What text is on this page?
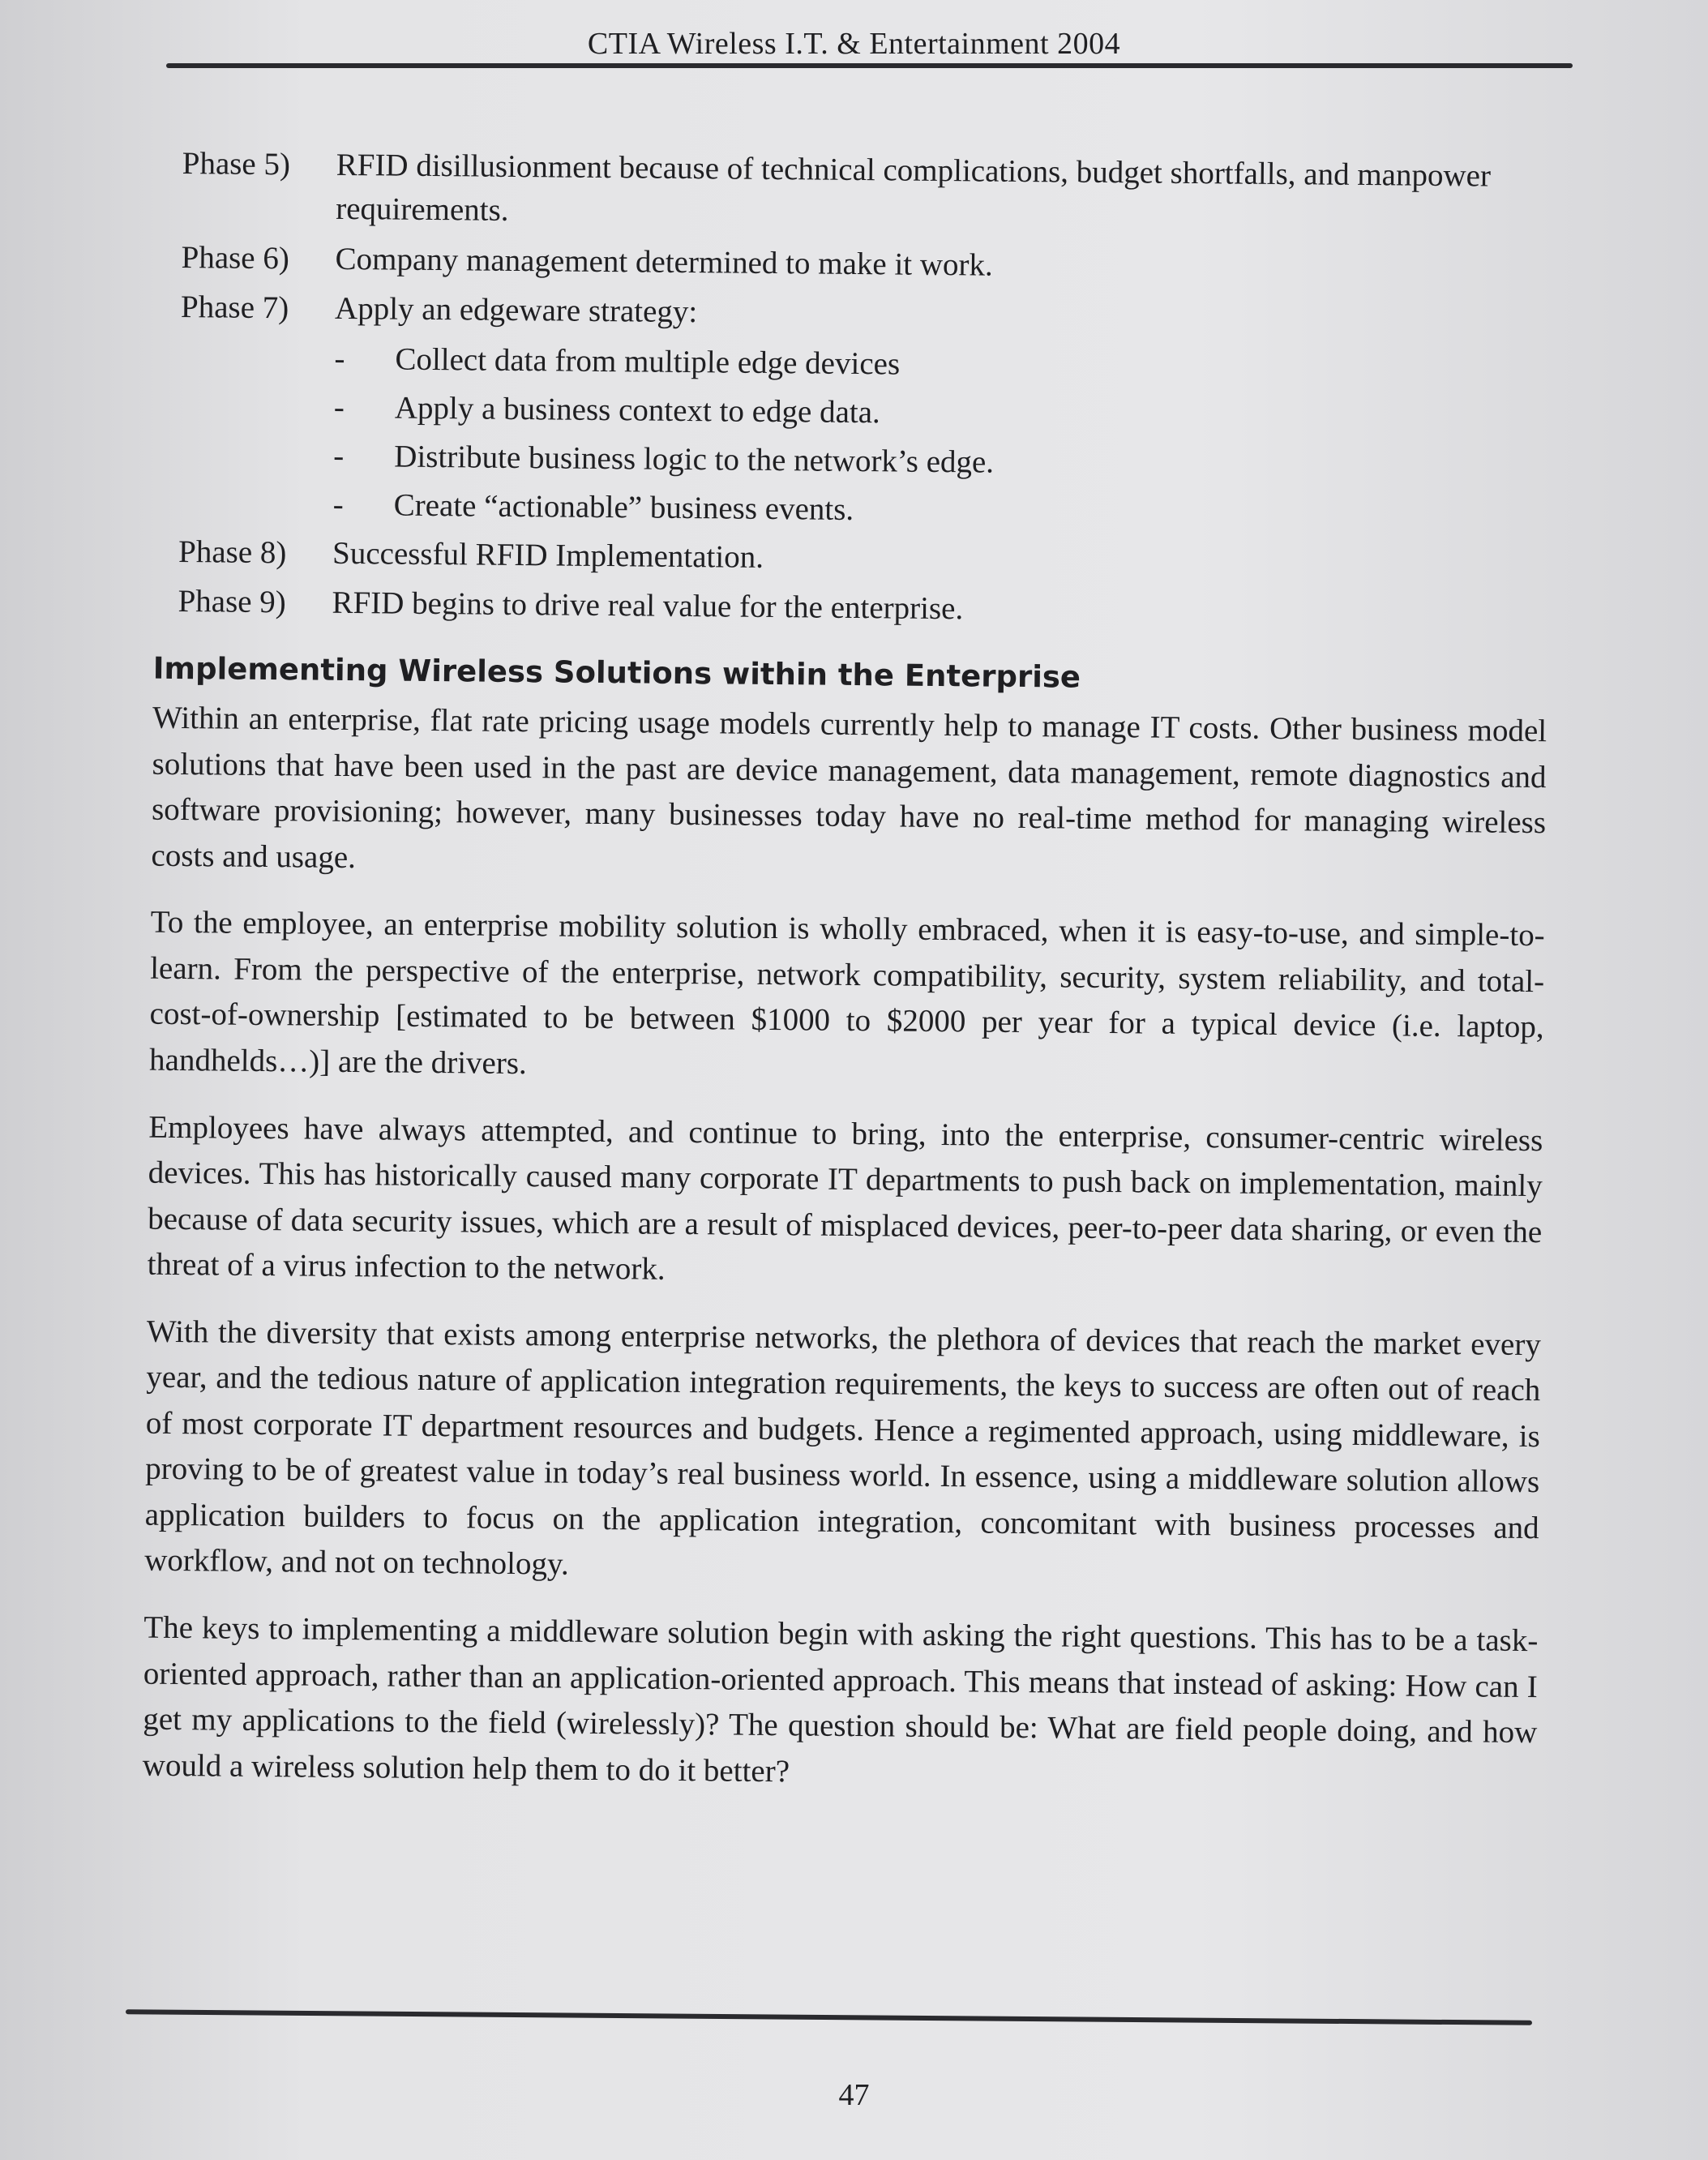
CTIA Wireless I.T. & Entertainment 2004
Phase 5)	RFID disillusionment because of technical complications, budget shortfalls, and manpower requirements.
Phase 6)	Company management determined to make it work.
Phase 7)	Apply an edgeware strategy:
-	Collect data from multiple edge devices
-	Apply a business context to edge data.
-	Distribute business logic to the network’s edge.
-	Create “actionable” business events.
Phase 8)	Successful RFID Implementation.
Phase 9)	RFID begins to drive real value for the enterprise.
Implementing Wireless Solutions within the Enterprise

Within an enterprise, flat rate pricing usage models currently help to manage IT costs. Other business model solutions that have been used in the past are device management, data management, remote diagnostics and software provisioning; however, many businesses today have no real-time method for managing wireless costs and usage.

To the employee, an enterprise mobility solution is wholly embraced, when it is easy-to-use, and simple-to-learn. From the perspective of the enterprise, network compatibility, security, system reliability, and total-cost-of-ownership [estimated to be between $1000 to $2000 per year for a typical device (i.e. laptop, handhelds…)] are the drivers.

Employees have always attempted, and continue to bring, into the enterprise, consumer-centric wireless devices. This has historically caused many corporate IT departments to push back on implementation, mainly because of data security issues, which are a result of misplaced devices, peer-to-peer data sharing, or even the threat of a virus infection to the network.

With the diversity that exists among enterprise networks, the plethora of devices that reach the market every year, and the tedious nature of application integration requirements, the keys to success are often out of reach of most corporate IT department resources and budgets. Hence a regimented approach, using middleware, is proving to be of greatest value in today’s real business world. In essence, using a middleware solution allows application builders to focus on the application integration, concomitant with business processes and workflow, and not on technology.

The keys to implementing a middleware solution begin with asking the right questions. This has to be a task-oriented approach, rather than an application-oriented approach. This means that instead of asking: How can I get my applications to the field (wirelessly)? The question should be: What are field people doing, and how would a wireless solution help them to do it better?

47
